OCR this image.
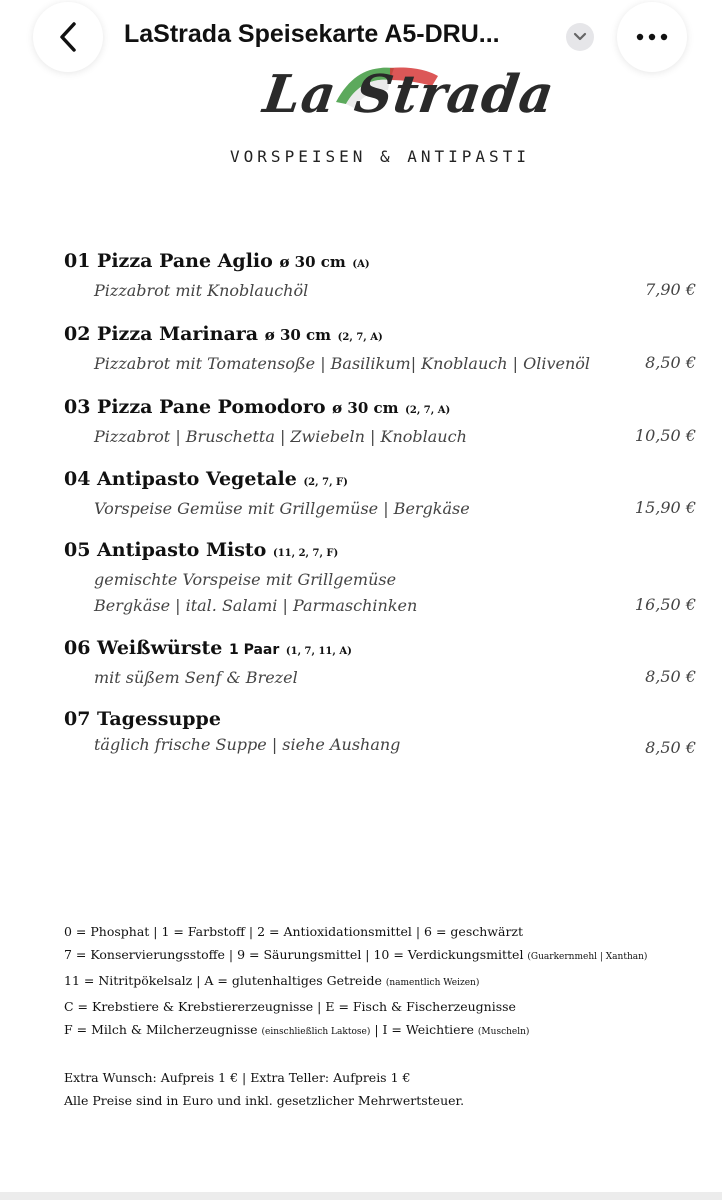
LaStrada Speisekarte A5-DRU...
La Strada
VORSPEISEN & ANTIPASTI
01 Pizza Pane Aglio ø 30 cm (A)
Pizzabrot mit Knoblauchöl	7,90 €
02 Pizza Marinara ø 30 cm (2, 7, A)
Pizzabrot mit Tomatensoße | Basilikum| Knoblauch | Olivenöl	8,50 €
03 Pizza Pane Pomodoro ø 30 cm (2, 7, A)
Pizzabrot | Bruschetta | Zwiebeln | Knoblauch	10,50 €
04 Antipasto Vegetale (2, 7, F)
Vorspeise Gemüse mit Grillgemüse | Bergkäse	15,90 €
05 Antipasto Misto (11, 2, 7, F)
gemischte Vorspeise mit Grillgemüse
Bergkäse | ital. Salami | Parmaschinken	16,50 €
06 Weißwürste 1 Paar (1, 7, 11, A)
mit süßem Senf & Brezel	8,50 €
07 Tagessuppe
täglich frische Suppe | siehe Aushang	8,50 €
0 = Phosphat | 1 = Farbstoff | 2 = Antioxidationsmittel | 6 = geschwärzt
7 = Konservierungsstoffe | 9 = Säurungsmittel | 10 = Verdickungsmittel (Guarkernmehl | Xanthan)
11 = Nitritpökelsalz | A = glutenhaltiges Getreide (namentlich Weizen)
C = Krebstiere & Krebstiererzeugnisse | E = Fisch & Fischerzeugnisse
F = Milch & Milcherzeugnisse (einschließlich Laktose) | I = Weichtiere (Muscheln)
Extra Wunsch: Aufpreis 1 € | Extra Teller: Aufpreis 1 €
Alle Preise sind in Euro und inkl. gesetzlicher Mehrwertsteuer.
